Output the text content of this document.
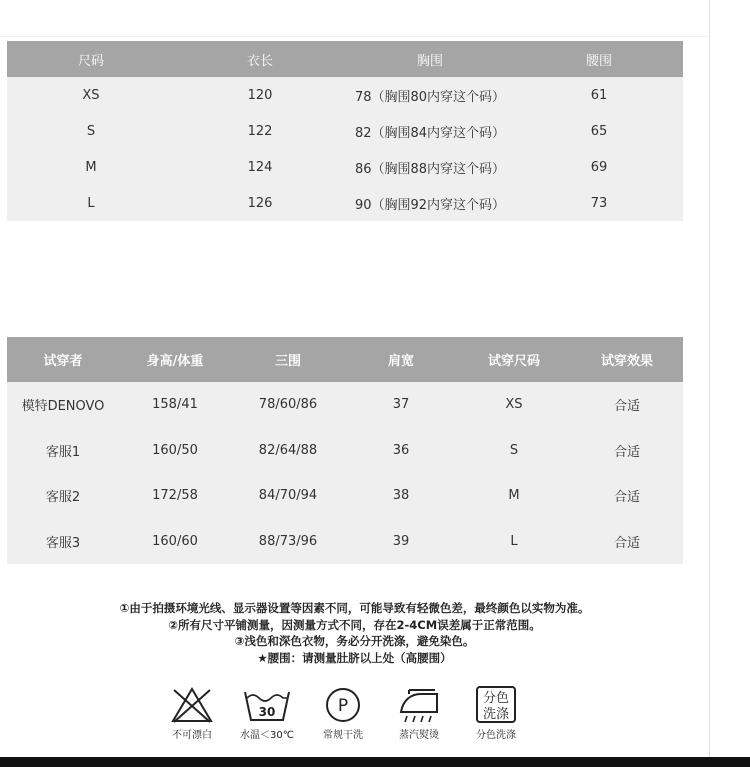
尺码	衣长	胸围	腰围
XS	120	78（胸围80内穿这个码）	61
S	122	82（胸围84内穿这个码）	65
M	124	86（胸围88内穿这个码）	69
L	126	90（胸围92内穿这个码）	73
试穿者	身高/体重	三围	肩宽	试穿尺码	试穿效果
模特DENOVO	158/41	78/60/86	37	XS	合适
客服1	160/50	82/64/88	36	S	合适
客服2	172/58	84/70/94	38	M	合适
客服3	160/60	88/73/96	39	L	合适
①由于拍摄环境光线、显示器设置等因素不同，可能导致有轻微色差，最终颜色以实物为准。
②所有尺寸平铺测量，因测量方式不同，存在2-4CM误差属于正常范围。
③浅色和深色衣物，务必分开洗涤，避免染色。
★腰围：请测量肚脐以上处（高腰围）
不可漂白
30
水温＜30℃
P
常规干洗	蒸汽熨烫
分色
洗涤
分色洗涤
